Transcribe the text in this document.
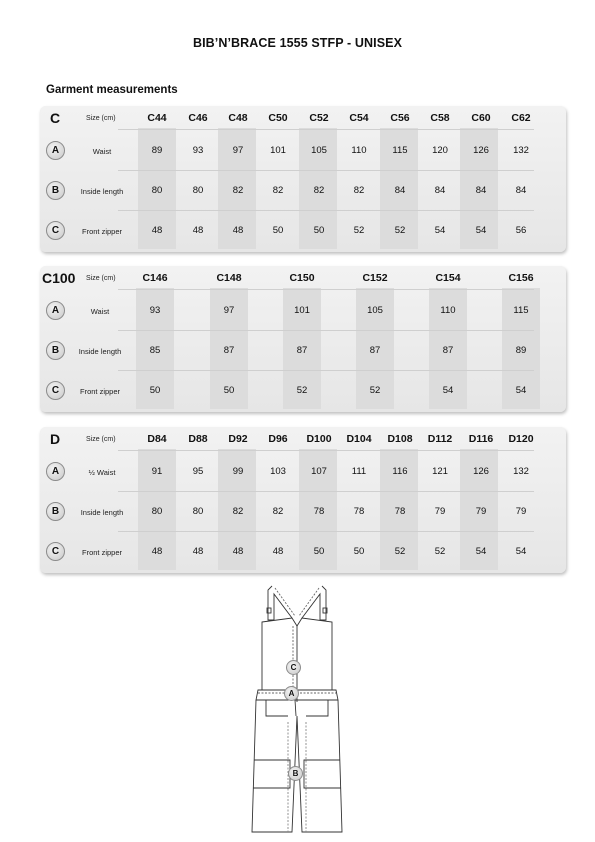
BIB’N’BRACE 1555 STFP - UNISEX
Garment measurements
C	Size (cm)	C44	C46	C48	C50	C52	C54	C56	C58	C60	C62
A	Waist	89	93	97	101	105	110	115	120	126	132
B	Inside length	80	80	82	82	82	82	84	84	84	84
C	Front zipper	48	48	48	50	50	52	52	54	54	56
C100 Size (cm)	C146	C148	C150	C152	C154	C156
A	Waist	93	97	101	105	110	115
B	Inside length	85	87	87	87	87	89
C	Front zipper	50	50	52	52	54	54
D	Size (cm)	D84	D88	D92	D96	D100	D104	D108	D112	D116	D120
A	½ Waist	91	95	99	103	107	111	116	121	126	132
B	Inside length	80	80	82	82	78	78	78	79	79	79
C	Front zipper	48	48	48	48	50	50	52	52	54	54
C
A
B
